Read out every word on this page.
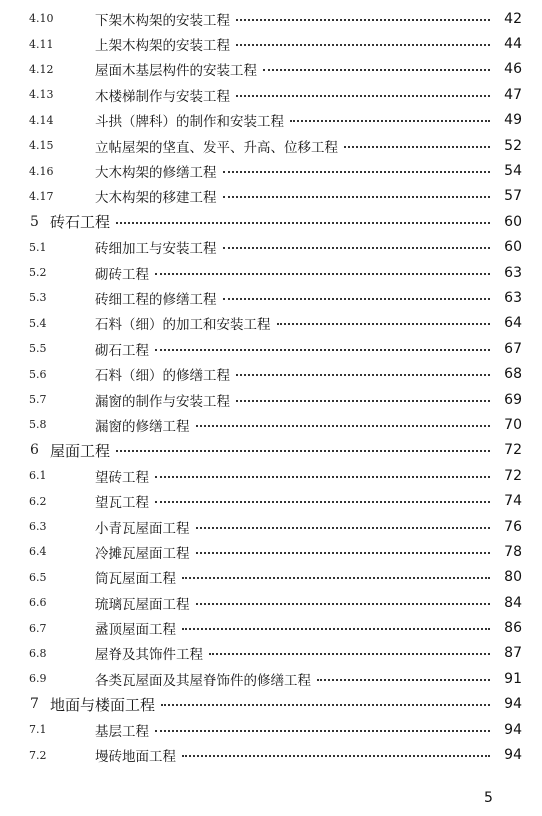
4.10	下架木构架的安装工程	42
4.11	上架木构架的安装工程	44
4.12	屋面木基层构件的安装工程	46
4.13	木楼梯制作与安装工程	47
4.14	斗拱（牌科）的制作和安装工程	49
4.15	立帖屋架的垡直、发平、升高、位移工程	52
4.16	大木构架的修缮工程	54
4.17	大木构架的移建工程	57
5 砖石工程	60
5.1	砖细加工与安装工程	60
5.2	砌砖工程	63
5.3	砖细工程的修缮工程	63
5.4	石料（细）的加工和安装工程	64
5.5	砌石工程	67
5.6	石料（细）的修缮工程	68
5.7	漏窗的制作与安装工程	69
5.8	漏窗的修缮工程	70
6 屋面工程	72
6.1	望砖工程	72
6.2	望瓦工程	74
6.3	小青瓦屋面工程	76
6.4	冷摊瓦屋面工程	78
6.5	筒瓦屋面工程	80
6.6	琉璃瓦屋面工程	84
6.7	盝顶屋面工程	86
6.8	屋脊及其饰件工程	87
6.9	各类瓦屋面及其屋脊饰件的修缮工程	91
7 地面与楼面工程	94
7.1	基层工程	94
7.2	墁砖地面工程	94
5
